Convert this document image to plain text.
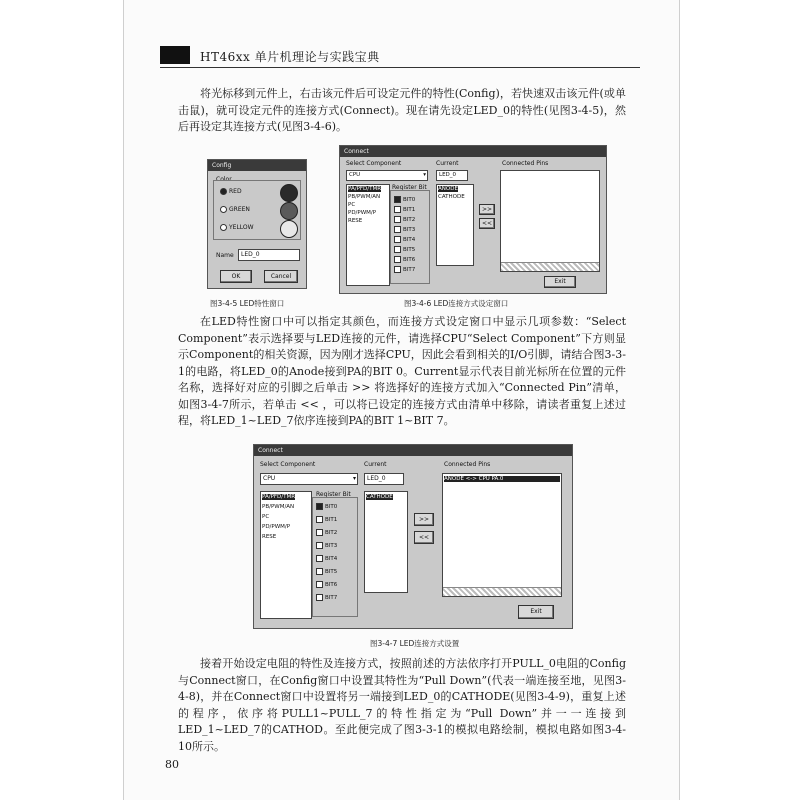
HT46xx 单片机理论与实践宝典
将光标移到元件上，右击该元件后可设定元件的特性(Config)，若快速双击该元件(或单击鼠)，就可设定元件的连接方式(Connect)。现在请先设定LED_0的特性(见图3-4-5)，然后再设定其连接方式(见图3-4-6)。
Config
Color
RED
GREEN
YELLOW
Name	LED_0
OK	Cancel
图3-4-5 LED特性窗口
Connect
Select Component
CPU	▾
PA/PFD/TMR
PB/PWM/AN
PC
PD/PWM/P
RESE
Register Bit
BIT0
BIT1
BIT2
BIT3
BIT4
BIT5
BIT6
BIT7
Current
LED_0
ANODE
CATHODE
>>
<<
Connected Pins
Exit
图3-4-6 LED连接方式设定窗口
在LED特性窗口中可以指定其颜色，而连接方式设定窗口中显示几项参数：“Select Component”表示选择要与LED连接的元件，请选择CPU“Select Component”下方则显示Component的相关资源，因为刚才选择CPU，因此会看到相关的I/O引脚，请结合图3-3-1的电路，将LED_0的Anode接到PA的BIT 0。Current显示代表目前光标所在位置的元件名称，选择好对应的引脚之后单击 >> 将选择好的连接方式加入“Connected Pin”清单，如图3-4-7所示，若单击 << ，可以将已设定的连接方式由清单中移除，请读者重复上述过程，将LED_1~LED_7依序连接到PA的BIT 1~BIT 7。
Connect
Select Component
CPU	▾
PA/PFD/TMR
PB/PWM/AN
PC
PD/PWM/P
RESE
Register Bit
BIT0
BIT1
BIT2
BIT3
BIT4
BIT5
BIT6
BIT7
Current
LED_0
CATHODE
>>
<<
Connected Pins
ANODE <-> CPU PA.0
Exit
图3-4-7 LED连接方式设置
接着开始设定电阻的特性及连接方式，按照前述的方法依序打开PULL_0电阻的Config与Connect窗口，在Config窗口中设置其特性为“Pull Down”(代表一端连接至地，见图3-4-8)，并在Connect窗口中设置将另一端接到LED_0的CATHODE(见图3-4-9)，重复上述的程序，依序将PULL1~PULL_7的特性指定为“Pull Down”并一一连接到LED_1~LED_7的CATHOD。至此便完成了图3-3-1的模拟电路绘制，模拟电路如图3-4-10所示。
80
